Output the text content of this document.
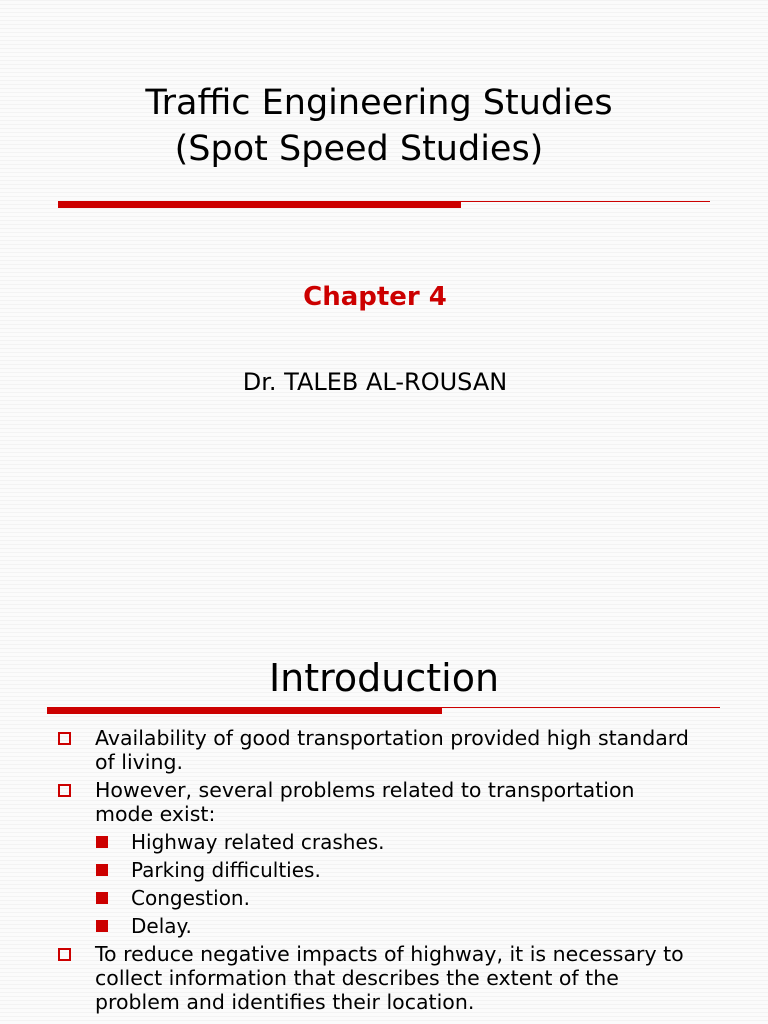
Traffic Engineering Studies
(Spot Speed Studies)
Chapter 4
Dr. TALEB AL-ROUSAN
Introduction
Availability of good transportation provided high standard of living.
However, several problems related to transportation mode exist:
Highway related crashes.
Parking difficulties.
Congestion.
Delay.
To reduce negative impacts of highway, it is necessary to collect information that describes the extent of the problem and identifies their location.
